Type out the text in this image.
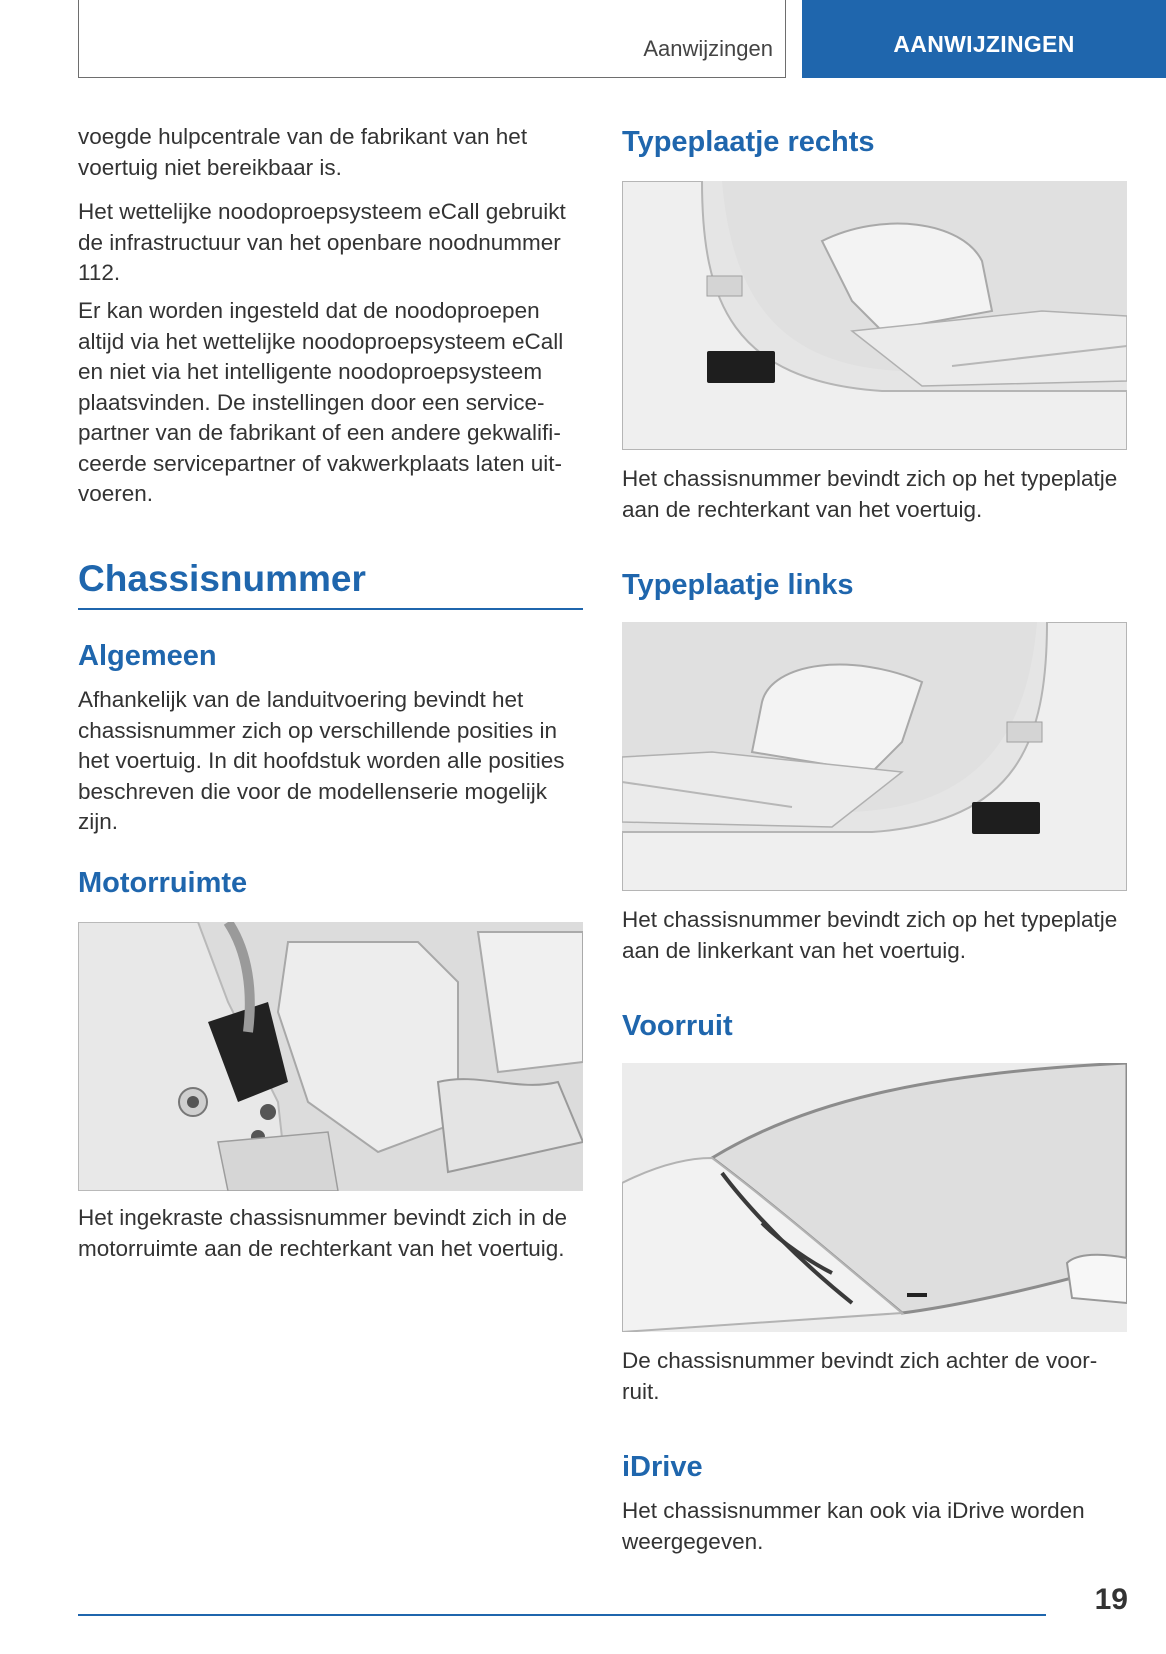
Aanwijzingen	AANWIJZINGEN

voegde hulpcentrale van de fabrikant van het voertuig niet bereikbaar is.

Het wettelijke noodoproepsysteem eCall gebruikt de infrastructuur van het openbare noodnummer 112.

Er kan worden ingesteld dat de noodoproepen altijd via het wettelijke noodoproepsysteem eCall en niet via het intelligente noodoproepsysteem plaatsvinden. De instellingen door een servicepartner van de fabrikant of een andere gekwalificeerde servicepartner of vakwerkplaats laten uitvoeren.

Chassisnummer
Algemeen

Afhankelijk van de landuitvoering bevindt het chassisnummer zich op verschillende posities in het voertuig. In dit hoofdstuk worden alle posities beschreven die voor de modellenserie mogelijk zijn.

Motorruimte

Het ingekraste chassisnummer bevindt zich in de motorruimte aan de rechterkant van het voertuig.

Typeplaatje rechts

Het chassisnummer bevindt zich op het typeplatje aan de rechterkant van het voertuig.

Typeplaatje links

Het chassisnummer bevindt zich op het typeplatje aan de linkerkant van het voertuig.

Voorruit

De chassisnummer bevindt zich achter de voorruit.

iDrive

Het chassisnummer kan ook via iDrive worden weergegeven.

19
